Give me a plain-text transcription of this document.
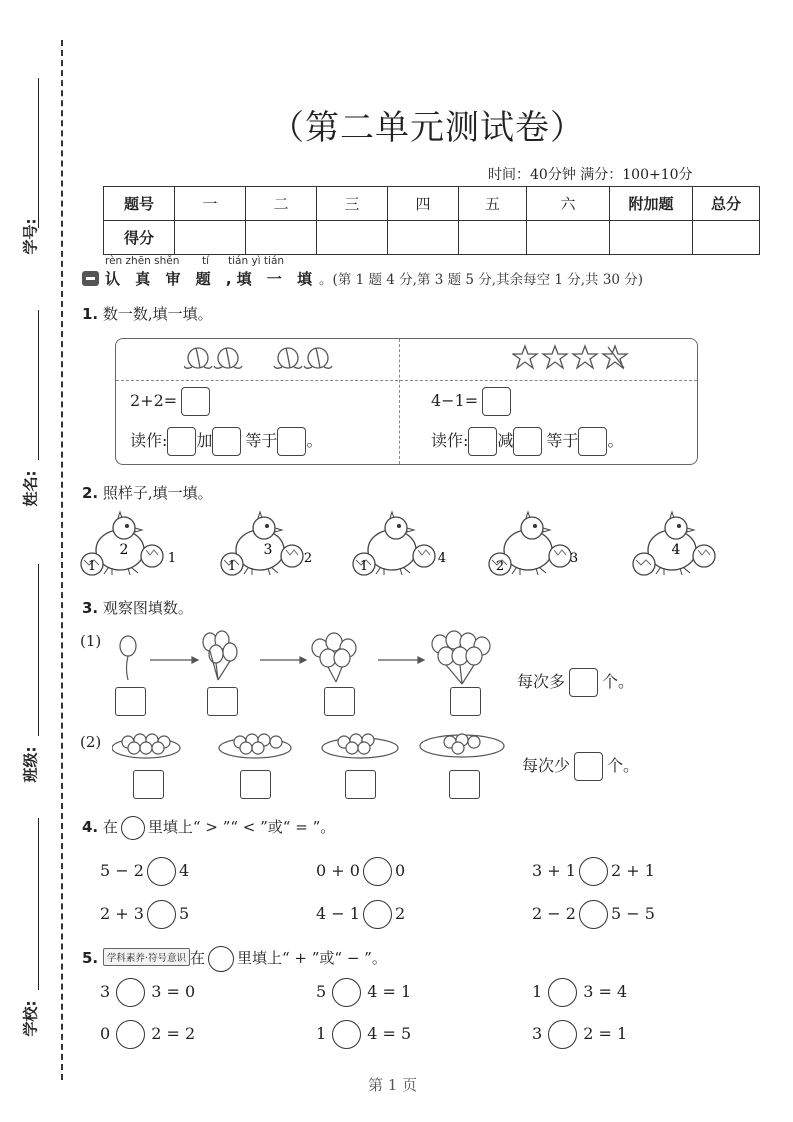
学号:
姓名:
班级:
学校:
（第二单元测试卷）
时间：40分钟 满分：100+10分
题号	一	二	三	四	五	六	附加题	总分
得分								
rèn zhēn shěn tí tián yì tián
认 真 审 题 ,填 一 填 。(第 1 题 4 分,第 3 题 5 分,其余每空 1 分,共 30 分)
1. 数一数,填一填。
2+2=
读作: 加 等于 。
4−1=
读作: 减 等于 。
2. 照样子,填一填。
2
1
1
3
1
2
1
4
2
3
4
3. 观察图填数。
(1)
每次多 个。
(2)
每次少 个。
4. 在 里填上“ > ”“ < ”或“ = ”。
5 − 2 4	0 + 0 0	3 + 1 2 + 1
2 + 3 5	4 − 1 2	2 − 2 5 − 5
5. 学科素养·符号意识 在 里填上“ + ”或“ − ”。
3	3 = 0	5	4 = 1	1	3 = 4
0	2 = 2	1	4 = 5	3	2 = 1
第 1 页
